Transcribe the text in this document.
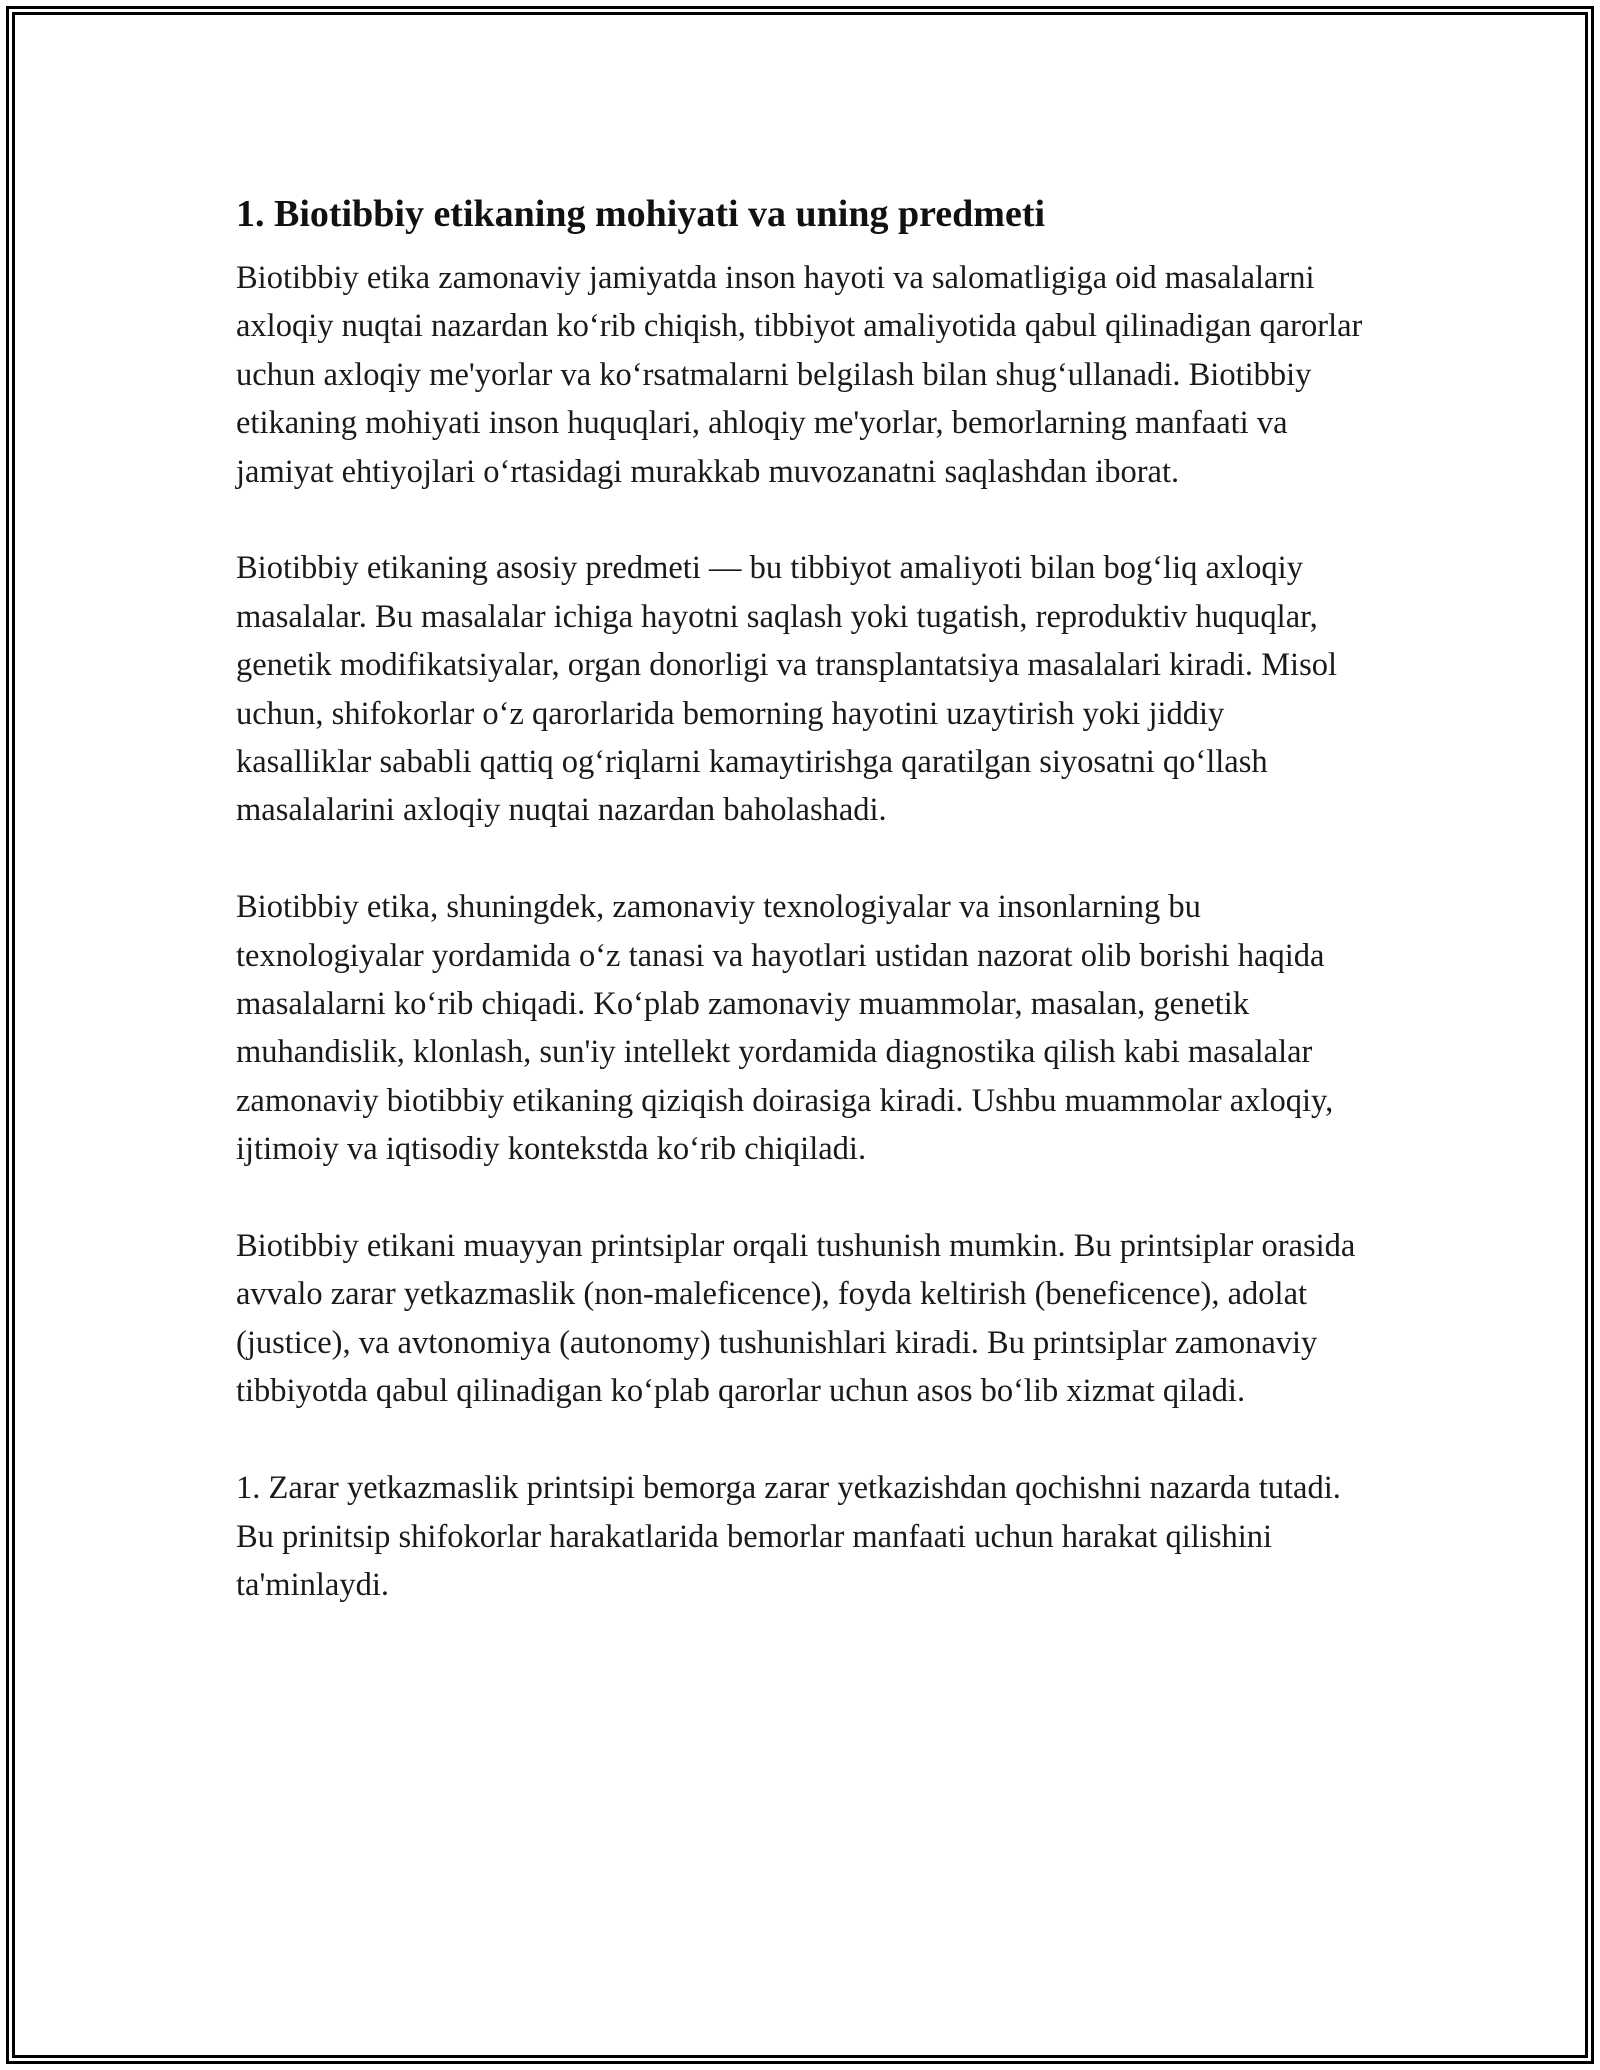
1. Biotibbiy etikaning mohiyati va uning predmeti

Biotibbiy etika zamonaviy jamiyatda inson hayoti va salomatligiga oid masalalarni axloqiy nuqtai nazardan ko‘rib chiqish, tibbiyot amaliyotida qabul qilinadigan qarorlar uchun axloqiy me'yorlar va ko‘rsatmalarni belgilash bilan shug‘ullanadi. Biotibbiy etikaning mohiyati inson huquqlari, ahloqiy me'yorlar, bemorlarning manfaati va jamiyat ehtiyojlari o‘rtasidagi murakkab muvozanatni saqlashdan iborat.

Biotibbiy etikaning asosiy predmeti — bu tibbiyot amaliyoti bilan bog‘liq axloqiy masalalar. Bu masalalar ichiga hayotni saqlash yoki tugatish, reproduktiv huquqlar, genetik modifikatsiyalar, organ donorligi va transplantatsiya masalalari kiradi. Misol uchun, shifokorlar o‘z qarorlarida bemorning hayotini uzaytirish yoki jiddiy kasalliklar sababli qattiq og‘riqlarni kamaytirishga qaratilgan siyosatni qo‘llash masalalarini axloqiy nuqtai nazardan baholashadi.

Biotibbiy etika, shuningdek, zamonaviy texnologiyalar va insonlarning bu texnologiyalar yordamida o‘z tanasi va hayotlari ustidan nazorat olib borishi haqida masalalarni ko‘rib chiqadi. Ko‘plab zamonaviy muammolar, masalan, genetik muhandislik, klonlash, sun'iy intellekt yordamida diagnostika qilish kabi masalalar zamonaviy biotibbiy etikaning qiziqish doirasiga kiradi. Ushbu muammolar axloqiy, ijtimoiy va iqtisodiy kontekstda ko‘rib chiqiladi.

Biotibbiy etikani muayyan printsiplar orqali tushunish mumkin. Bu printsiplar orasida avvalo zarar yetkazmaslik (non-maleficence), foyda keltirish (beneficence), adolat (justice), va avtonomiya (autonomy) tushunishlari kiradi. Bu printsiplar zamonaviy tibbiyotda qabul qilinadigan ko‘plab qarorlar uchun asos bo‘lib xizmat qiladi.

1. Zarar yetkazmaslik printsipi bemorga zarar yetkazishdan qochishni nazarda tutadi. Bu prinitsip shifokorlar harakatlarida bemorlar manfaati uchun harakat qilishini ta'minlaydi.
